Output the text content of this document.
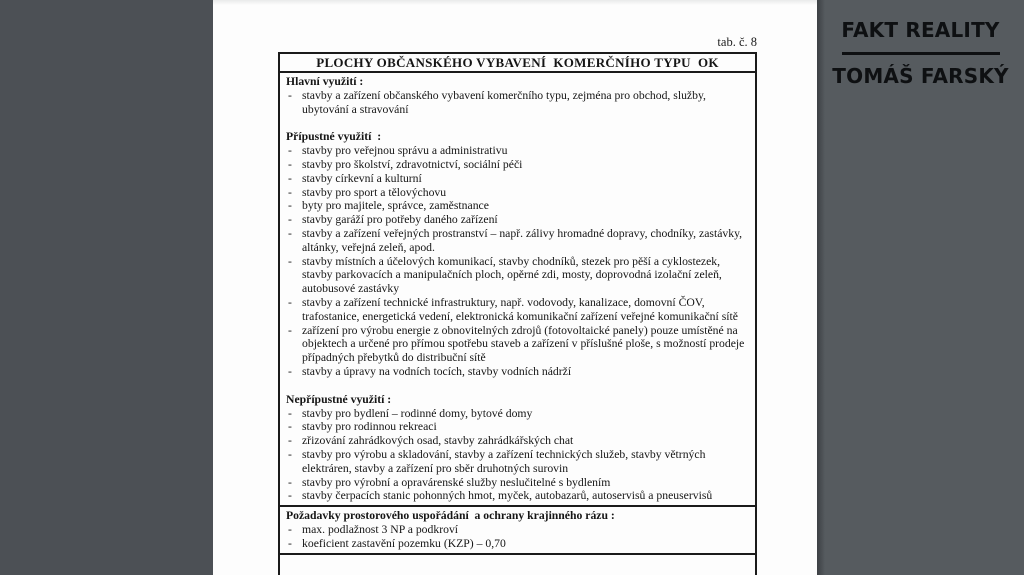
tab. č. 8
PLOCHY OBČANSKÉHO VYBAVENÍ  KOMERČNÍHO TYPU  OK
Hlavní využití :
- stavby a zařízení občanského vybavení komerčního typu, zejména pro obchod, služby, ubytování a stravování
Přípustné využití  :
- stavby pro veřejnou správu a administrativu
- stavby pro školství, zdravotnictví, sociální péči
- stavby církevní a kulturní
- stavby pro sport a tělovýchovu
- byty pro majitele, správce, zaměstnance
- stavby garáží pro potřeby daného zařízení
- stavby a zařízení veřejných prostranství – např. zálivy hromadné dopravy, chodníky, zastávky, altánky, veřejná zeleň, apod.
- stavby místních a účelových komunikací, stavby chodníků, stezek pro pěší a cyklostezek, stavby parkovacích a manipulačních ploch, opěrné zdi, mosty, doprovodná izolační zeleň, autobusové zastávky
- stavby a zařízení technické infrastruktury, např. vodovody, kanalizace, domovní ČOV, trafostanice, energetická vedení, elektronická komunikační zařízení veřejné komunikační sítě
- zařízení pro výrobu energie z obnovitelných zdrojů (fotovoltaické panely) pouze umístěné na objektech a určené pro přímou spotřebu staveb a zařízení v příslušné ploše, s možností prodeje případných přebytků do distribuční sítě
- stavby a úpravy na vodních tocích, stavby vodních nádrží
Nepřípustné využití :
- stavby pro bydlení – rodinné domy, bytové domy
- stavby pro rodinnou rekreaci
- zřizování zahrádkových osad, stavby zahrádkářských chat
- stavby pro výrobu a skladování, stavby a zařízení technických služeb, stavby větrných elektráren, stavby a zařízení pro sběr druhotných surovin
- stavby pro výrobní a opravárenské služby neslučitelné s bydlením
- stavby čerpacích stanic pohonných hmot, myček, autobazarů, autoservisů a pneuservisů
Požadavky prostorového uspořádání  a ochrany krajinného rázu :
- max. podlažnost 3 NP a podkroví
- koeficient zastavění pozemku (KZP) – 0,70
FAKT REALITY
TOMÁŠ FARSKÝ
